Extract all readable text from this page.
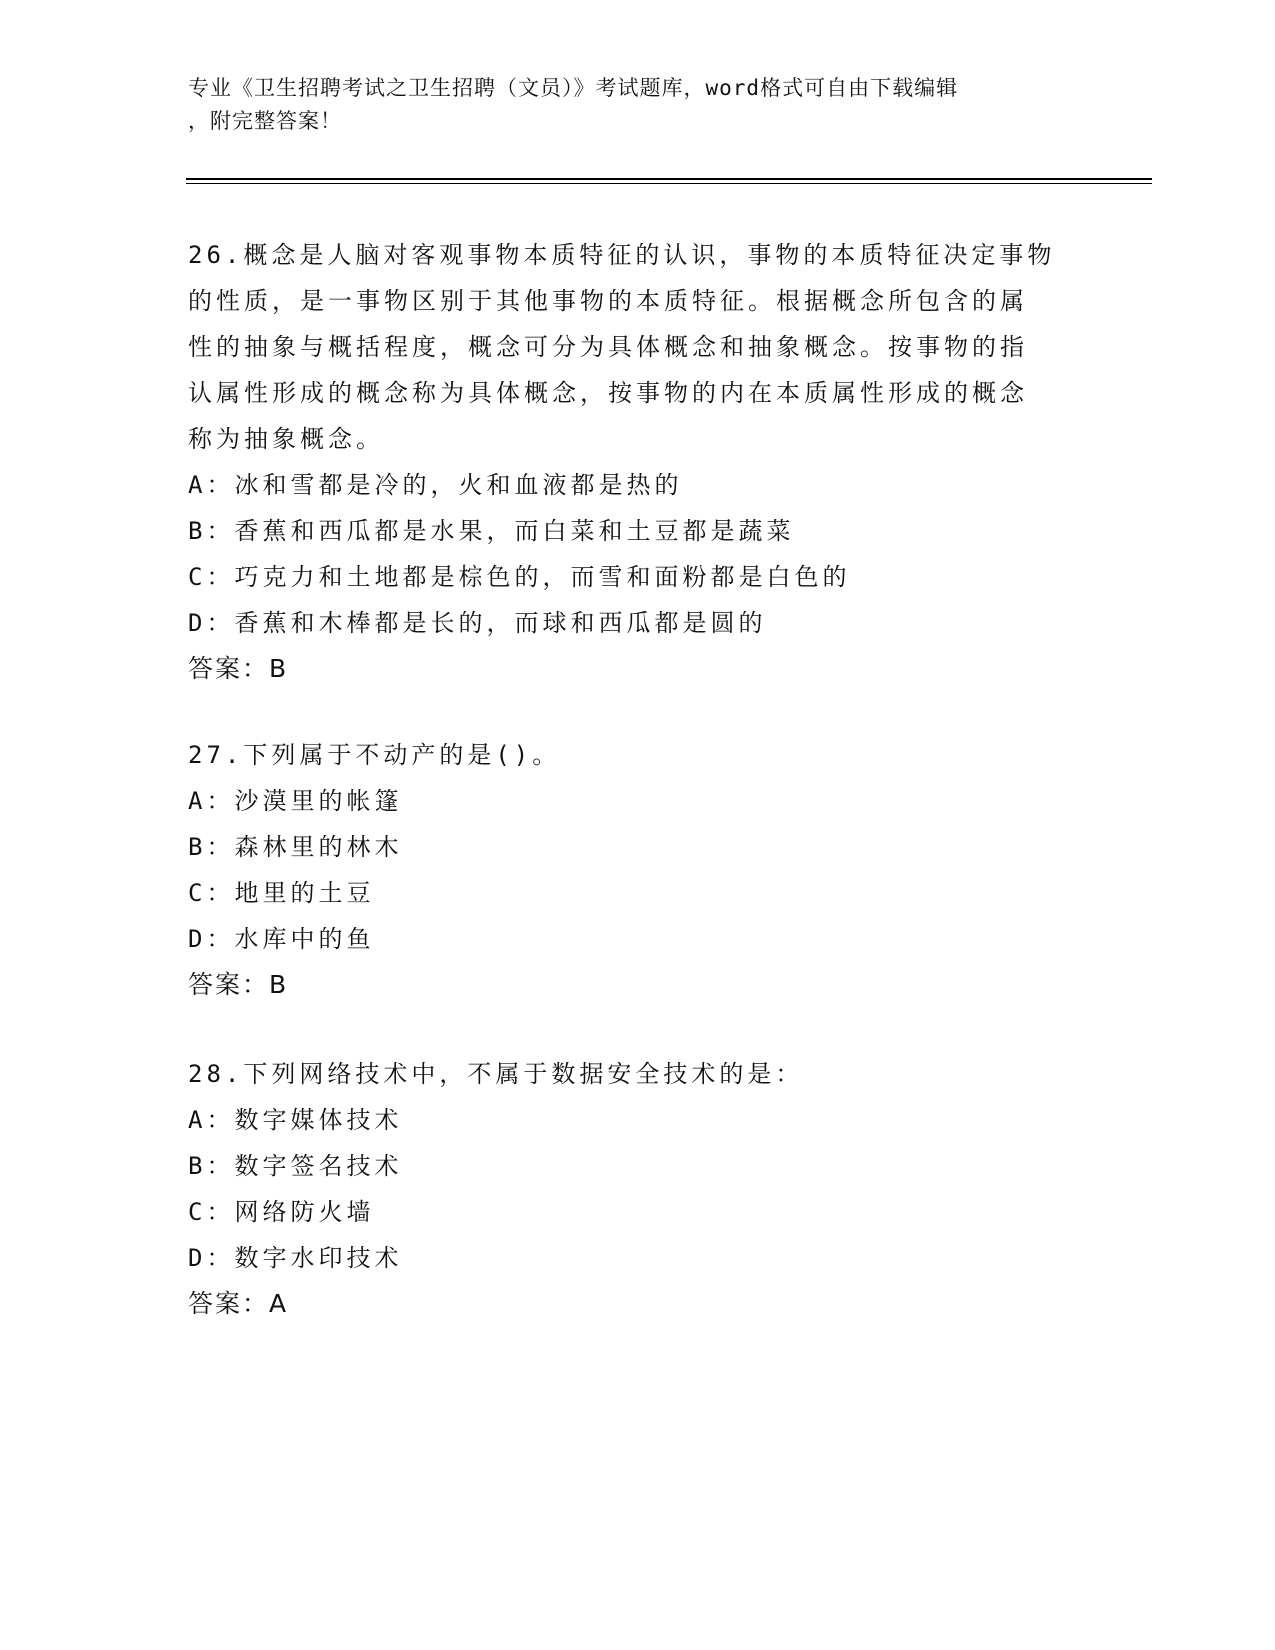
专业《卫生招聘考试之卫生招聘（文员）》考试题库，word格式可自由下载编辑
，附完整答案！
26.概念是人脑对客观事物本质特征的认识，事物的本质特征决定事物
的性质，是一事物区别于其他事物的本质特征。根据概念所包含的属
性的抽象与概括程度，概念可分为具体概念和抽象概念。按事物的指
认属性形成的概念称为具体概念，按事物的内在本质属性形成的概念
称为抽象概念。
A：冰和雪都是冷的，火和血液都是热的
B：香蕉和西瓜都是水果，而白菜和土豆都是蔬菜
C：巧克力和土地都是棕色的，而雪和面粉都是白色的
D：香蕉和木棒都是长的，而球和西瓜都是圆的
答案：B
27.下列属于不动产的是()。
A：沙漠里的帐篷
B：森林里的林木
C：地里的土豆
D：水库中的鱼
答案：B
28.下列网络技术中，不属于数据安全技术的是：
A：数字媒体技术
B：数字签名技术
C：网络防火墙
D：数字水印技术
答案：A
